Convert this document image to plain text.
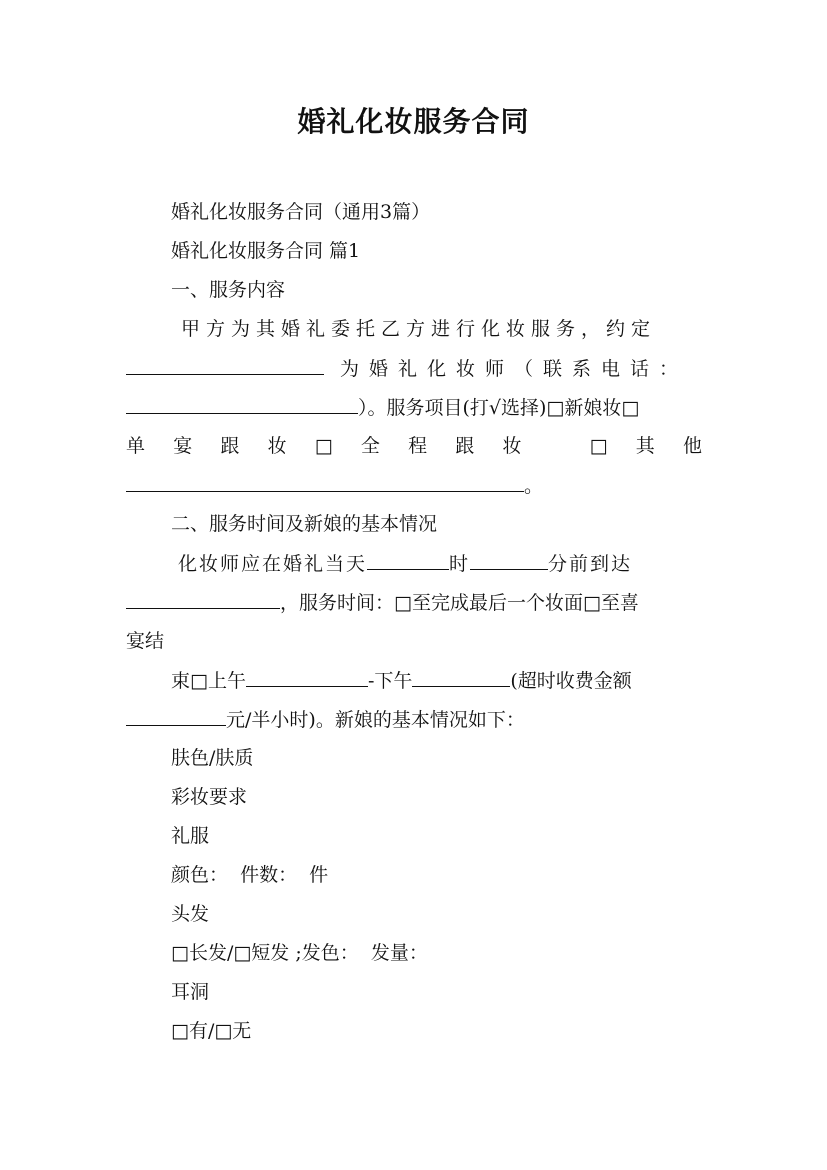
婚礼化妆服务合同
婚礼化妆服务合同（通用3篇）
婚礼化妆服务合同 篇1
一、服务内容
甲方为其婚礼委托乙方进行化妆服务，约定
为婚礼化妆师（联系电话：
）。服务项目(打√选择)□新娘妆□
单 宴 跟 妆 □ 全 程 跟 妆	□ 其 他
。
二、服务时间及新娘的基本情况
化妆师应在婚礼当天	时	分前到达
，服务时间：□至完成最后一个妆面□至喜
宴结
束□上午	-下午	(超时收费金额
元/半小时)。新娘的基本情况如下：
肤色/肤质
彩妆要求
礼服
颜色：  件数：  件
头发
□长发/□短发 ;发色：  发量：
耳洞
□有/□无
